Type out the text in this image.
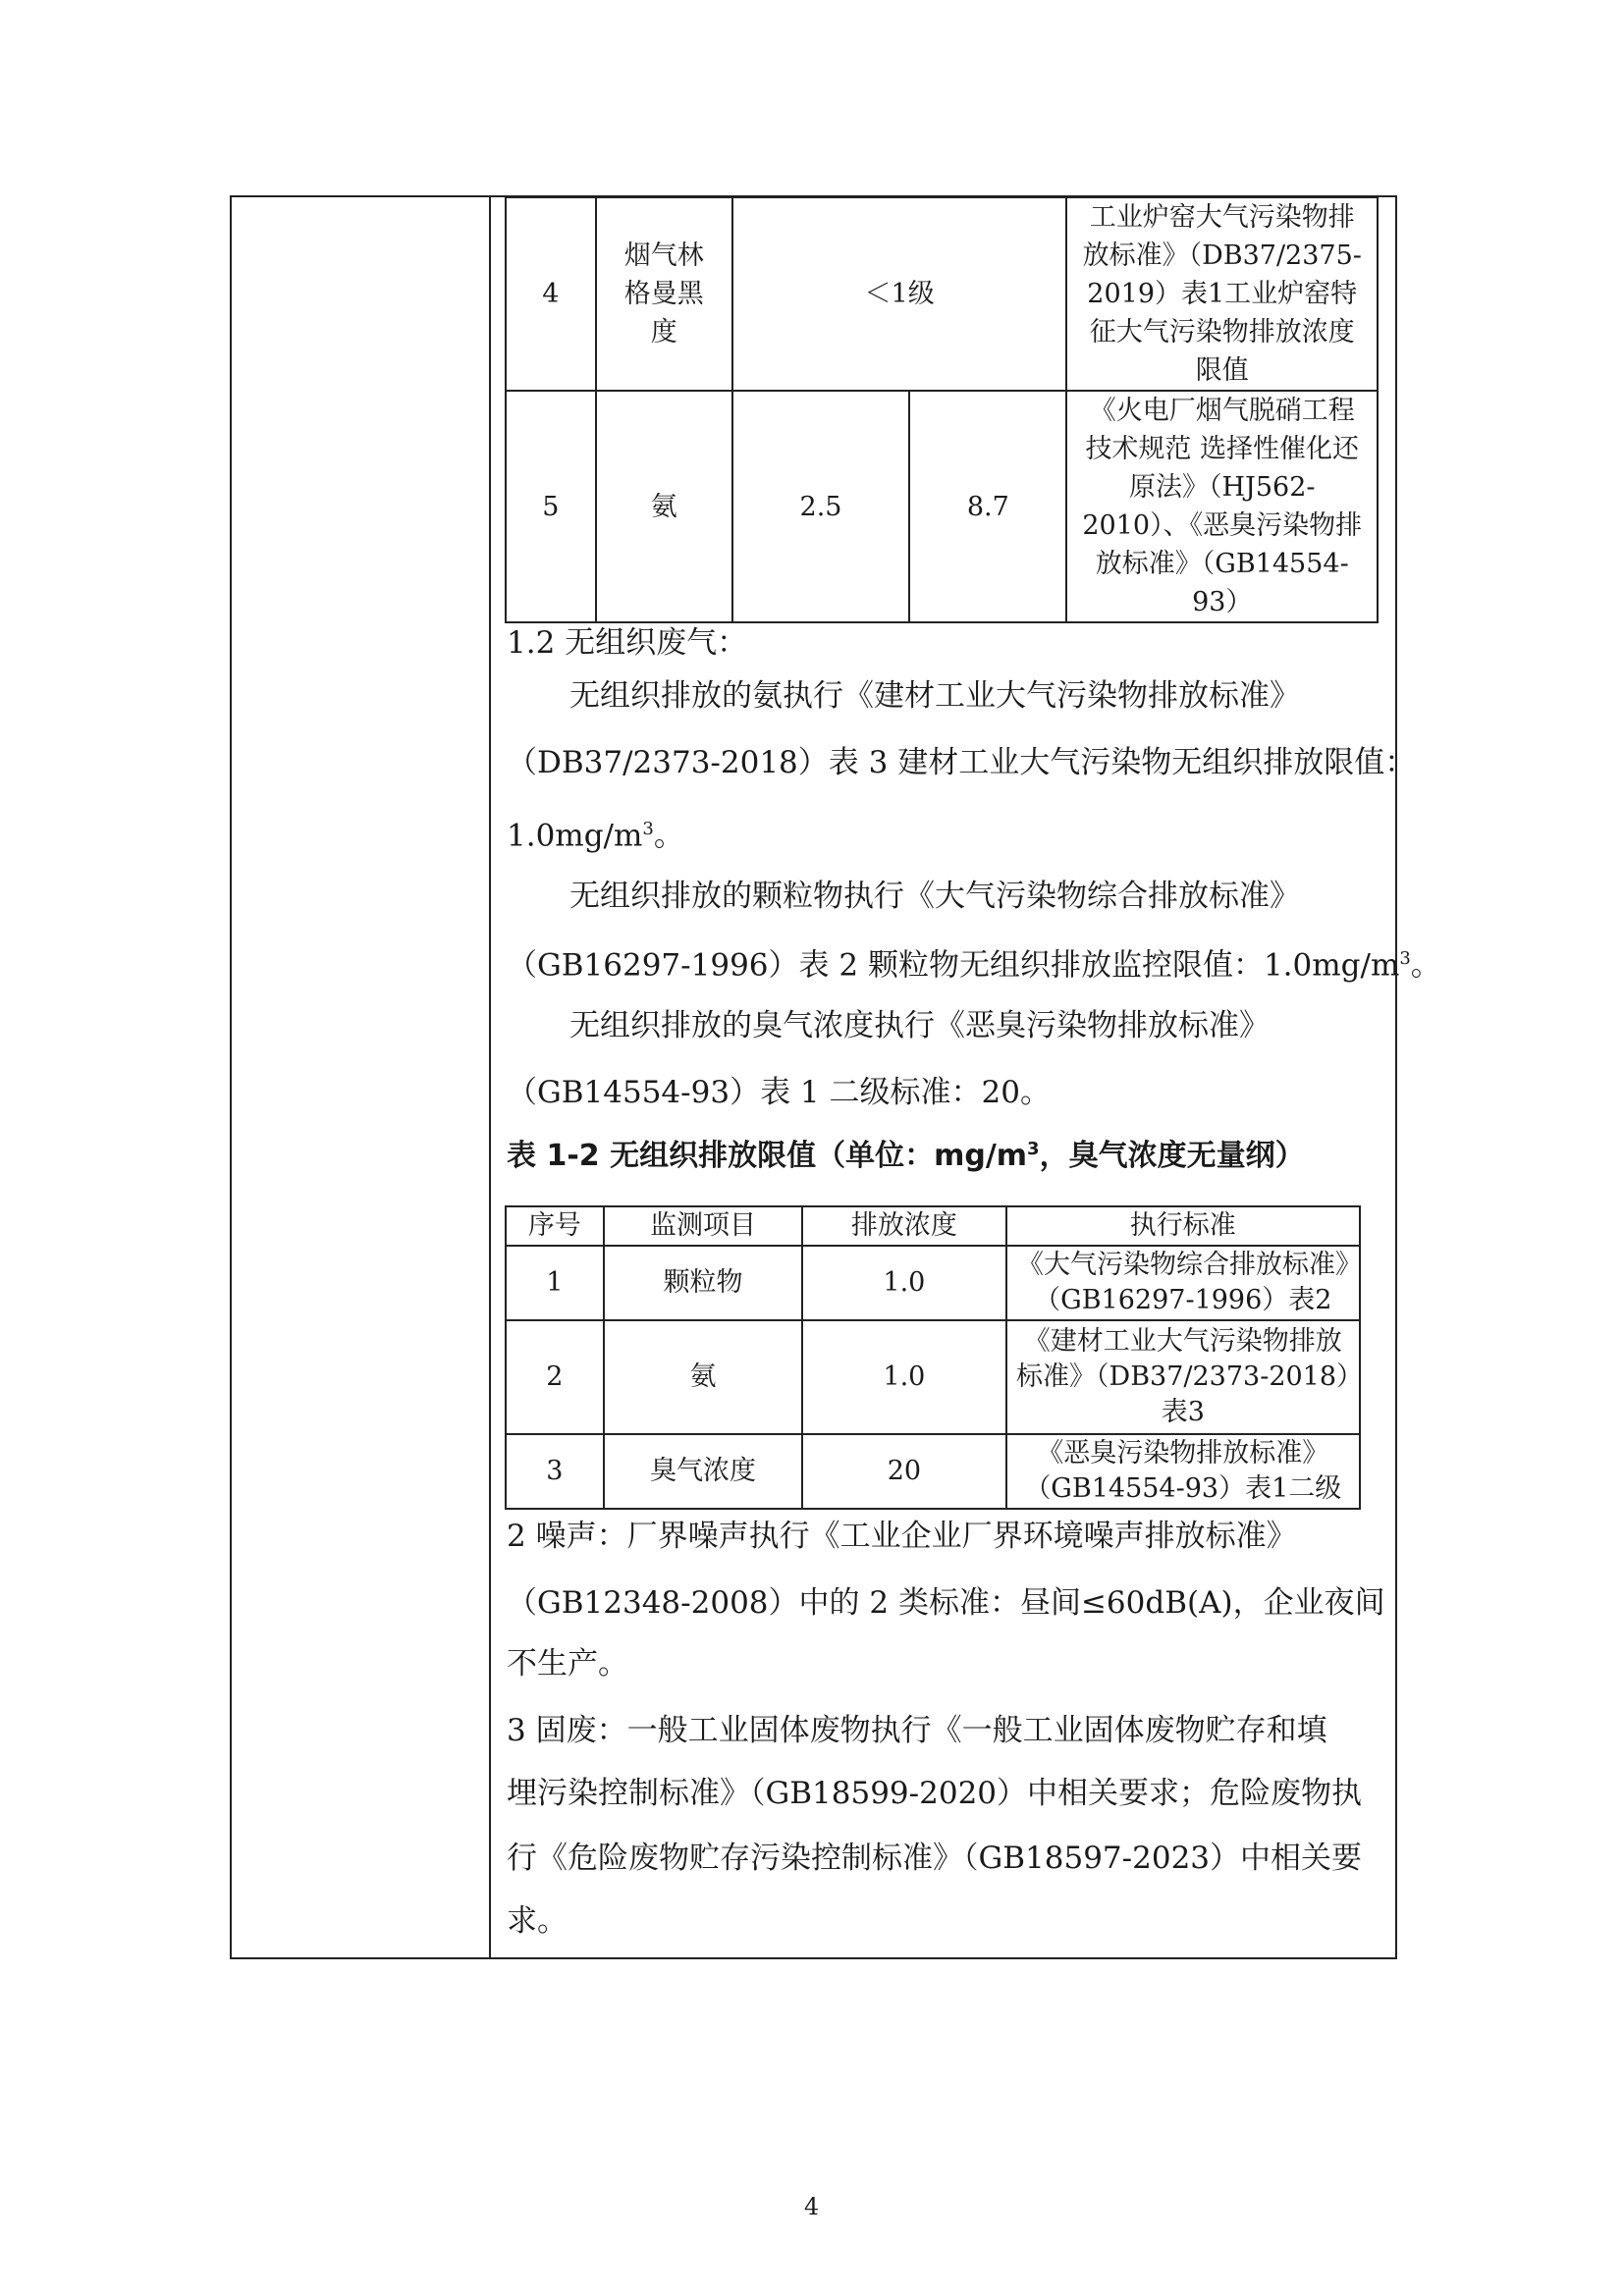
4	烟气林格曼黑度	＜1级		工业炉窑大气污染物排放标准》（DB37/2375-2019）表1工业炉窑特征大气污染物排放浓度限值
5	氨	2.5	8.7	《火电厂烟气脱硝工程技术规范 选择性催化还原法》（HJ562-2010）、《恶臭污染物排放标准》（GB14554-93）
1.2 无组织废气：
无组织排放的氨执行《建材工业大气污染物排放标准》
（DB37/2373-2018）表 3 建材工业大气污染物无组织排放限值：
$1.0mg/m^3$。
无组织排放的颗粒物执行《大气污染物综合排放标准》
（GB16297-1996）表 2 颗粒物无组织排放监控限值：$1.0mg/m^3$。
无组织排放的臭气浓度执行《恶臭污染物排放标准》
（GB14554-93）表 1 二级标准：20。
表 1-2 无组织排放限值（单位：$mg/m^3$，臭气浓度无量纲）
序号	监测项目	排放浓度	执行标准
1	颗粒物	1.0	《大气污染物综合排放标准》（GB16297-1996）表2
2	氨	1.0	《建材工业大气污染物排放标准》（DB37/2373-2018）表3
3	臭气浓度	20	《恶臭污染物排放标准》（GB14554-93）表1二级
2 噪声：厂界噪声执行《工业企业厂界环境噪声排放标准》
（GB12348-2008）中的 2 类标准：昼间≤60dB(A)，企业夜间
不生产。
3 固废：一般工业固体废物执行《一般工业固体废物贮存和填
埋污染控制标准》（GB18599-2020）中相关要求；危险废物执
行《危险废物贮存污染控制标准》（GB18597-2023）中相关要
求。
4
